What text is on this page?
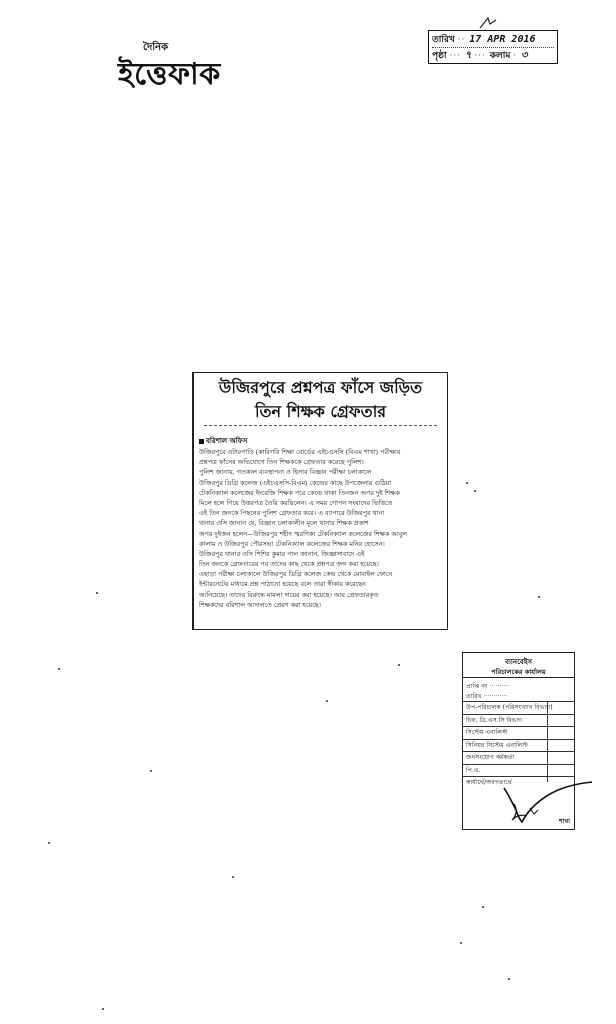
দৈনিক
ইত্তেফাক
তারিখ ·· 17 APR 2016
পৃষ্ঠা ··· ৭ ··· কলাম · ৩
উজিরপুরে প্রশ্নপত্র ফাঁসে জড়িত
তিন শিক্ষক গ্রেফতার
বরিশাল অফিস
উজিরপুরে ওটারপাড়ি (কারিগরি শিক্ষা বোর্ডের এইচএসসি (বিএম শাখা) পরীক্ষার
প্রশ্নপত্র ফাঁসের অভিযোগে তিন শিক্ষককে গ্রেফতার করেছে পুলিশ।
পুলিশ জানায়, গতকাল ব্যবস্থাপনা ও হিসাব বিজ্ঞান পরীক্ষা চলাকালে
উজিরপুর ডিগ্রি কলেজ (এইচএসসি-বিএম) কেন্দ্রের কাছে উপজেলার গুঠিয়া
টেকনিক্যাল কলেজের ইংরেজি শিক্ষক পরে কেন্দ্রে থাকা তিনজন অপর দুই শিক্ষক
মিলে হলে গিয়ে উত্তরপত্র তৈরি করছিলেন। এ সময় গোপন সংবাদের ভিত্তিতে
এই তিন জনকে পিছনের পুলিশ গ্রেফতার করে। এ ব্যাপারে উজিরপুর থানা
থানার ওসি জানান যে, বিজ্ঞান চলাকালীন মূলে থানার শিক্ষক প্রকাশ
অপর দুইজন হলেন—উজিরপুর শহীদ স্মরণিকা টেকনিক্যাল কলেজের শিক্ষক আবুল
কালাম ও উজিরপুর পৌরসভা টেকনিক্যাল কলেজের শিক্ষক মনির হোসেন।
উজিরপুর থানার ওসি শিশির কুমার পাল জানান, জিজ্ঞাসাবাদে এই
তিন জনকে গ্রেফতারের পর তাদের কাছ থেকে প্রশ্নপত্র জব্দ করা হয়েছে।
এছাড়া পরীক্ষা চলাকালে উজিরপুর ডিগ্রি কলেজ কেন্দ্র থেকে মোবাইল ফোনে
ইন্টারনেটের মাধ্যমে প্রশ্ন পাঠানো হয়েছে বলে তারা স্বীকার করেছেন
আনিয়েছে। তাদের বিরুদ্ধে মামলা দায়ের করা হয়েছে। আর গ্রেফতারকৃত
শিক্ষকদের বরিশাল আদালতে প্রেরণ করা হয়েছে।
ব্যানবেইস
পরিচালকের কার্যালয়
প্রাপ্তি নং ··········
তারিখ ············
উপ-পরিচালক (পরিসংখ্যান বিভাগ)
চিফ, ডি.এস.সি বিভাগ
সিস্টেম এনালিস্ট
সিনিয়র সিস্টেম এনালিস্ট
জনসংযোগ কর্মকর্তা
পি.এ.
কার্যার্থে/অবগতার্থে
শাখা
